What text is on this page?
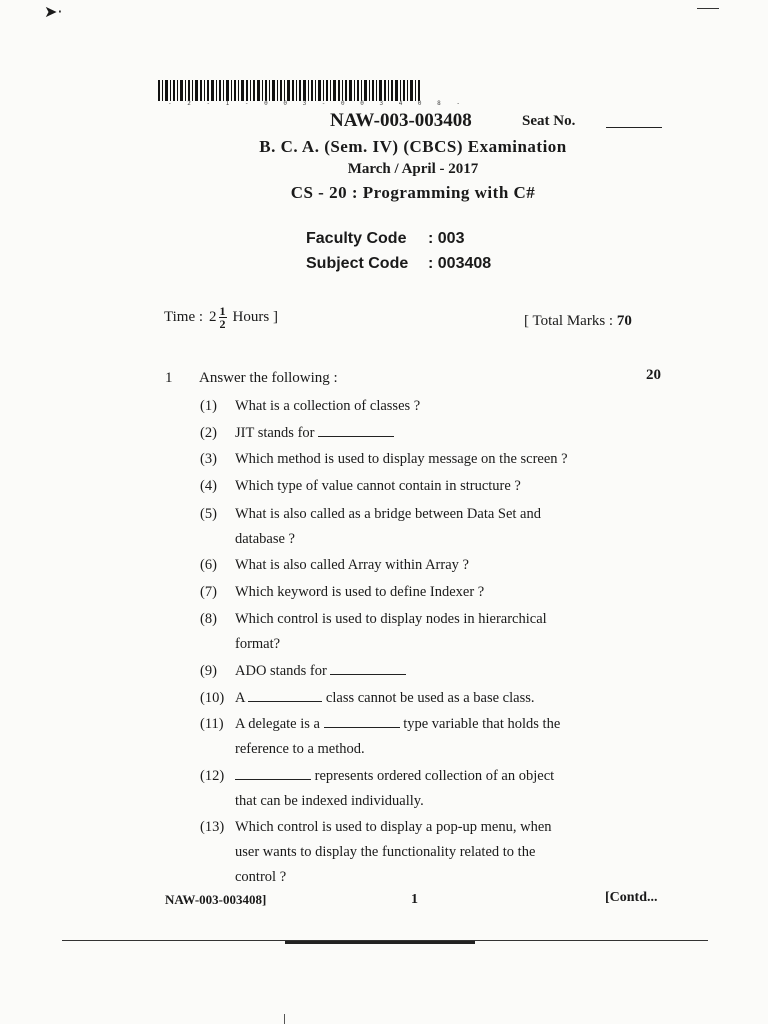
➤·
- 2 - 1 - 0 0 3 - 0 0 3 4 0 8 -
NAW-003-003408	Seat No.
B. C. A. (Sem. IV) (CBCS) Examination
March / April - 2017
CS - 20 : Programming with C#
Faculty Code : 003
Subject Code : 003408
Time : $2 \frac{1}{2}$ Hours ]	[ Total Marks : 70
1 Answer the following :	20
(1) What is a collection of classes ?
(2) JIT stands for
(3) Which method is used to display message on the screen ?
(4) Which type of value cannot contain in structure ?
(5) What is also called as a bridge between Data Set and
database ?
(6) What is also called Array within Array ?
(7) Which keyword is used to define Indexer ?
(8) Which control is used to display nodes in hierarchical
format?
(9) ADO stands for
(10) A	class cannot be used as a base class.
(11) A delegate is a	type variable that holds the
reference to a method.
(12)	represents ordered collection of an object
that can be indexed individually.
(13) Which control is used to display a pop-up menu, when
user wants to display the functionality related to the
control ?
NAW-003-003408]	1	[Contd...
